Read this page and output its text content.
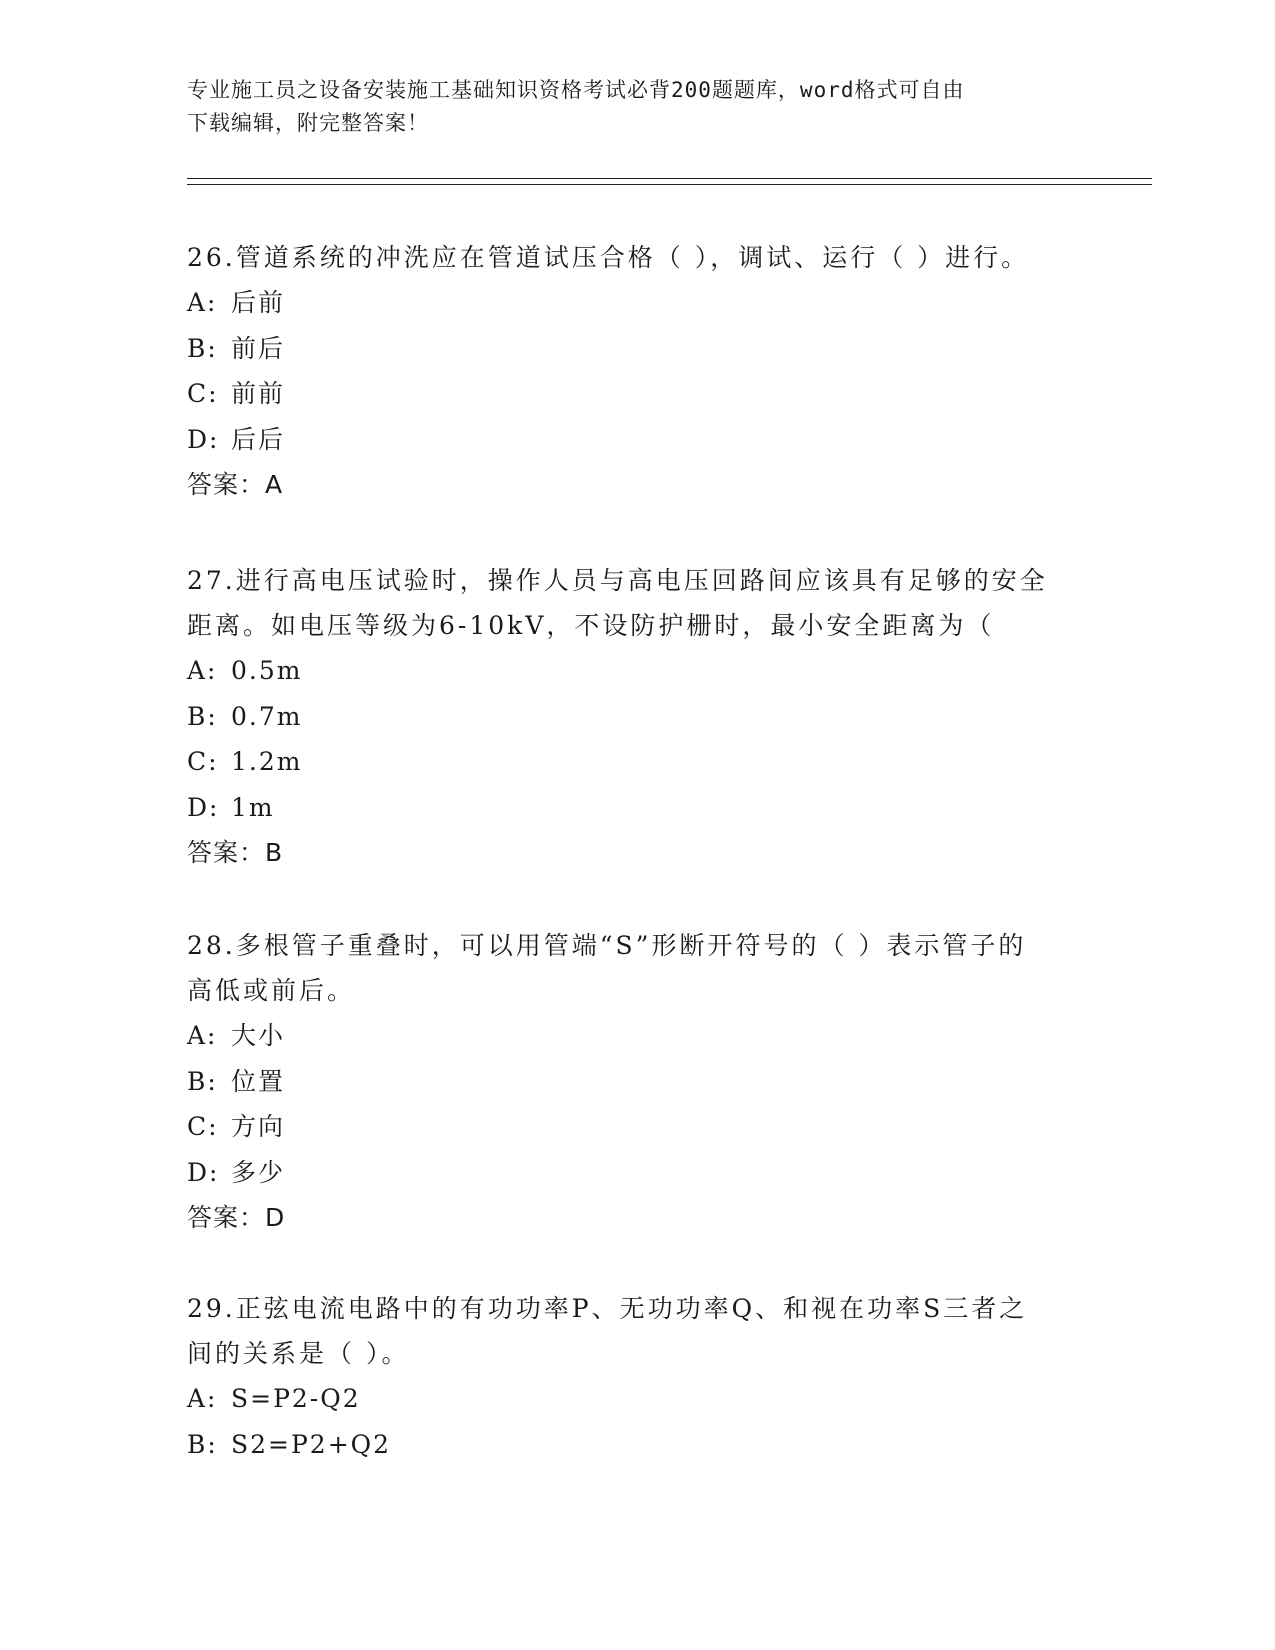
专业施工员之设备安装施工基础知识资格考试必背200题题库，word格式可自由
下载编辑，附完整答案！

26.管道系统的冲洗应在管道试压合格（ ），调试、运行（ ）进行。

A: 后前

B: 前后

C: 前前

D: 后后

答案：A

27.进行高电压试验时，操作人员与高电压回路间应该具有足够的安全

距离。如电压等级为6-10kV，不设防护栅时，最小安全距离为（

A: 0.5m

B: 0.7m

C: 1.2m

D: 1m

答案：B

28.多根管子重叠时，可以用管端“S”形断开符号的（ ）表示管子的

高低或前后。

A: 大小

B: 位置

C: 方向

D: 多少

答案：D

29.正弦电流电路中的有功功率P、无功功率Q、和视在功率S三者之

间的关系是（ ）。

A: S=P2-Q2

B: S2=P2+Q2
